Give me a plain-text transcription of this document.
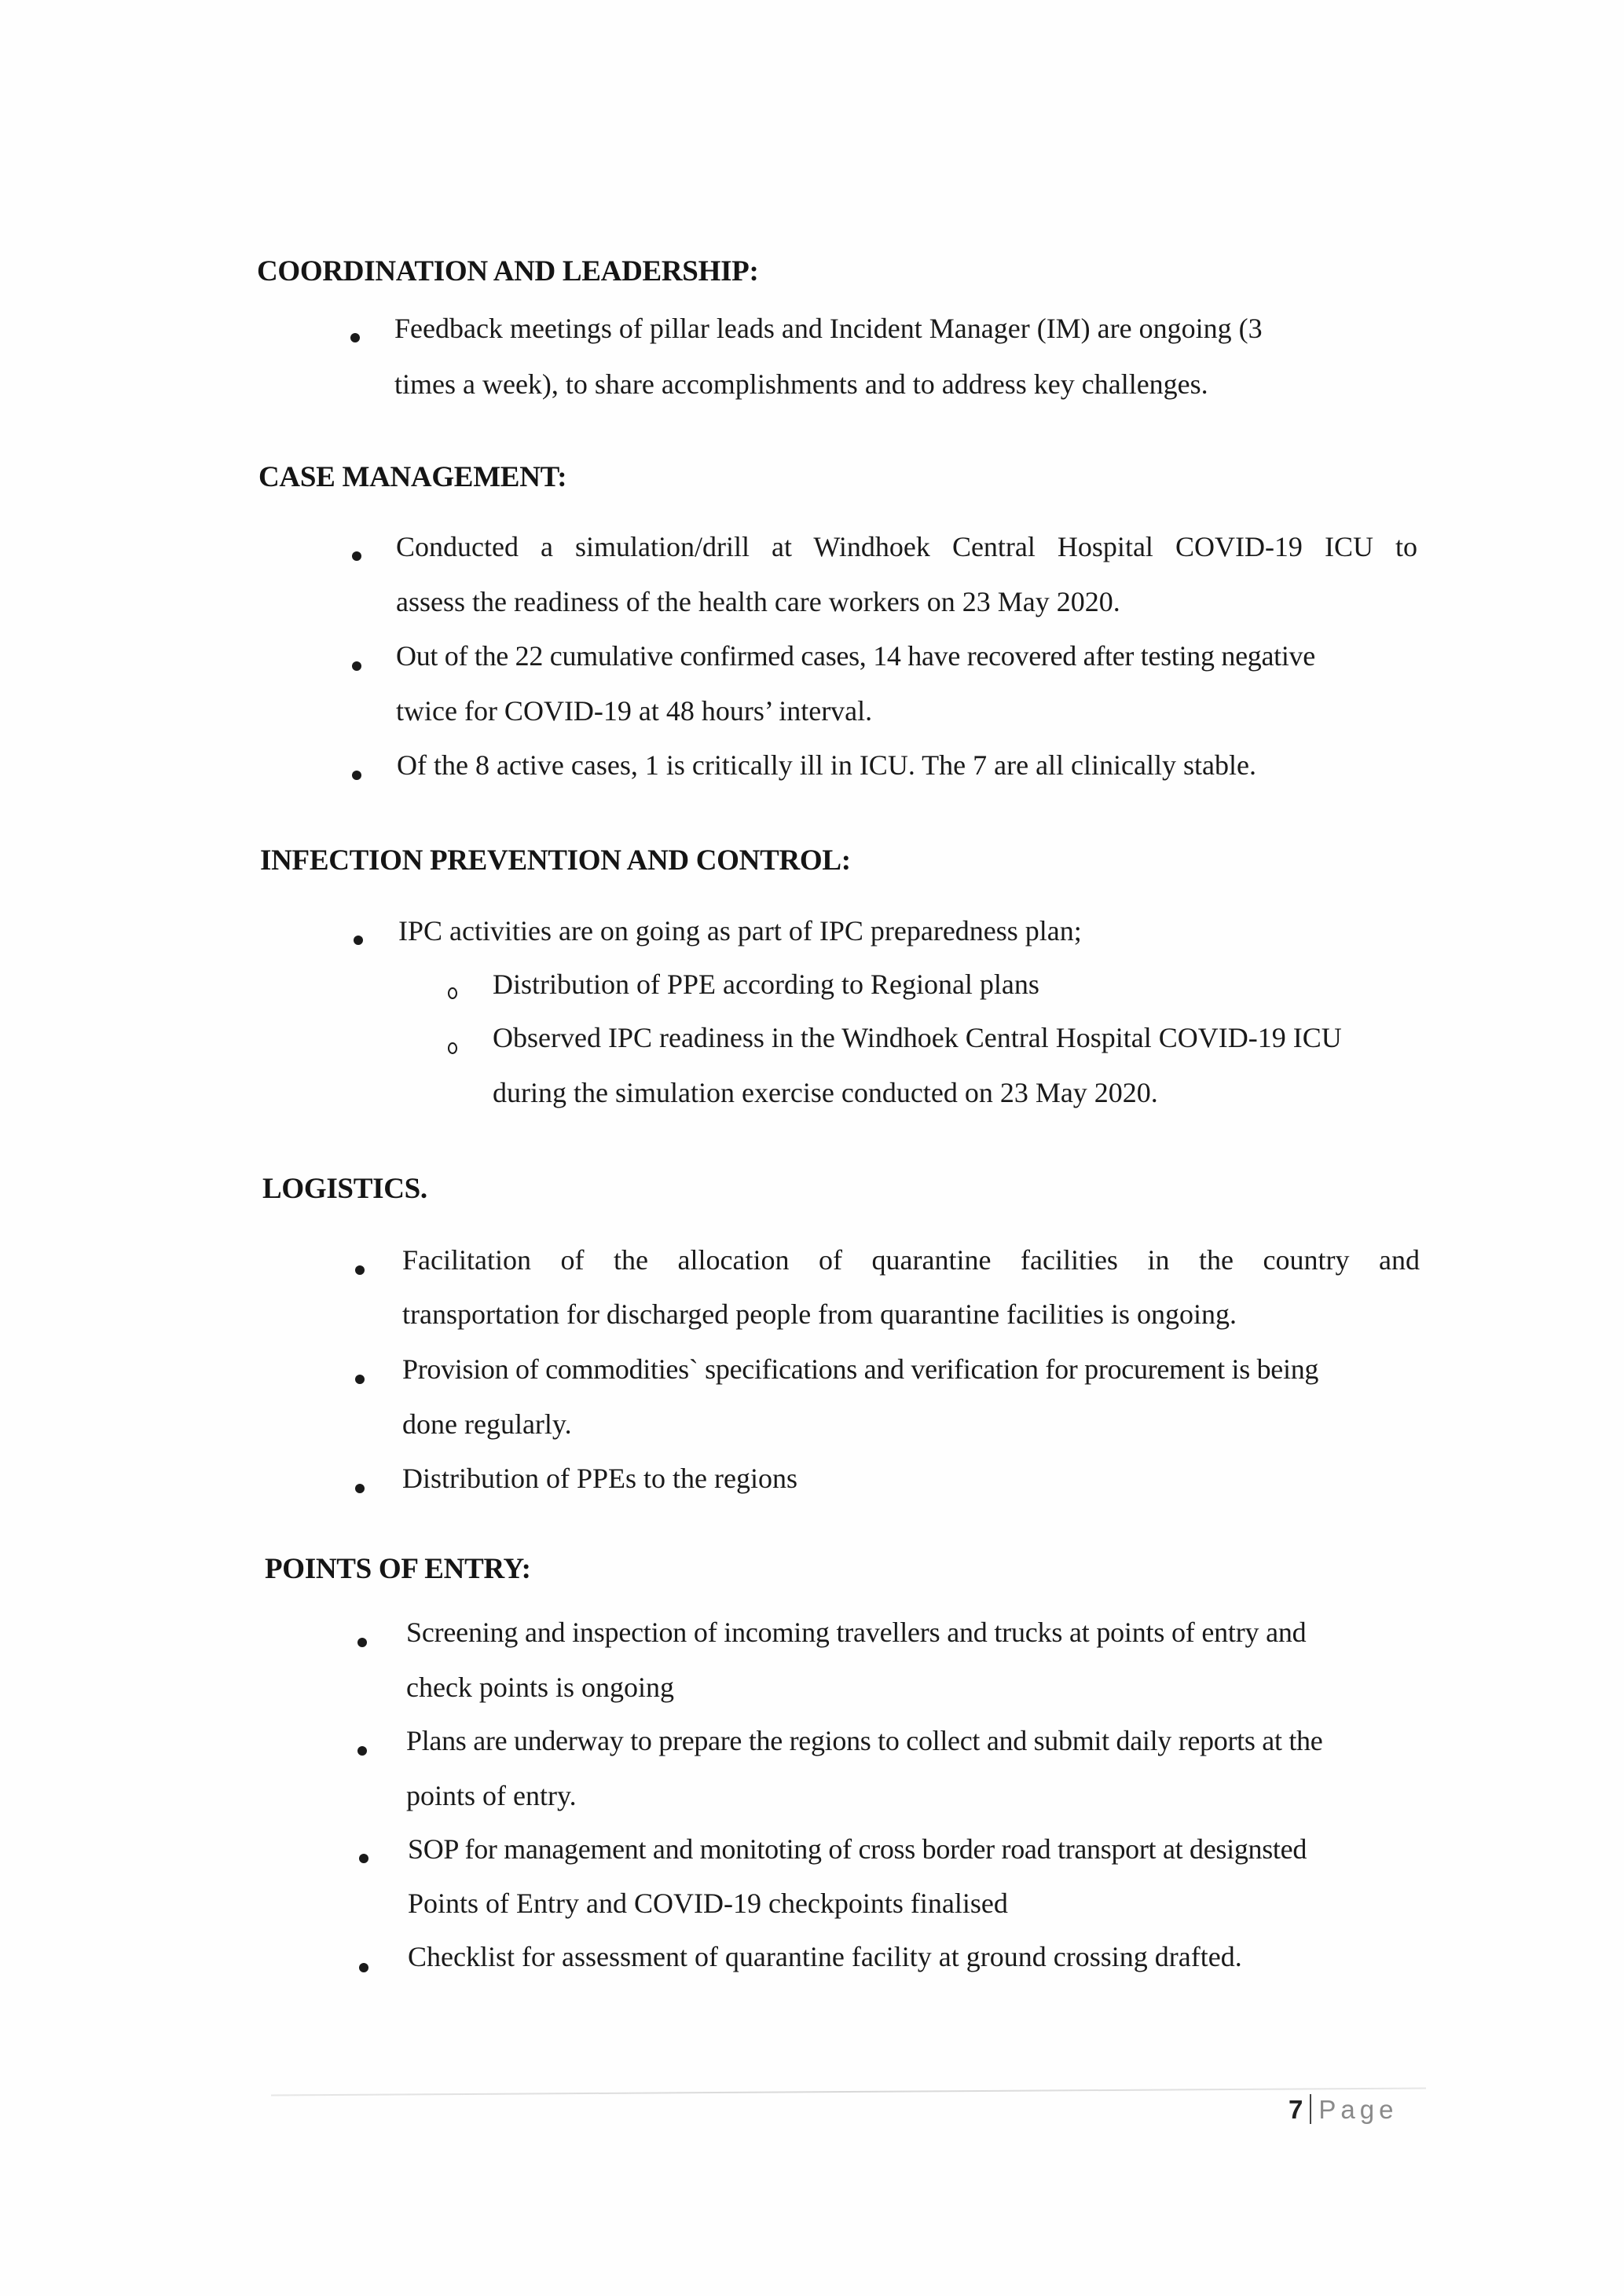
COORDINATION AND LEADERSHIP:
Feedback meetings of pillar leads and Incident Manager (IM) are ongoing (3
times a week), to share accomplishments and to address key challenges.
CASE MANAGEMENT:
Conducted a simulation/drill at Windhoek Central Hospital COVID-19 ICU to
assess the readiness of the health care workers on 23 May 2020.
Out of the 22 cumulative confirmed cases, 14 have recovered after testing negative
twice for COVID-19 at 48 hours’ interval.
Of the 8 active cases, 1 is critically ill in ICU. The 7 are all clinically stable.
INFECTION PREVENTION AND CONTROL:
IPC activities are on going as part of IPC preparedness plan;
Distribution of PPE according to Regional plans
Observed IPC readiness in the Windhoek Central Hospital COVID-19 ICU
during the simulation exercise conducted on 23 May 2020.
LOGISTICS.
Facilitation of the allocation of quarantine facilities in the country and
transportation for discharged people from quarantine facilities is ongoing.
Provision of commodities` specifications and verification for procurement is being
done regularly.
Distribution of PPEs to the regions
POINTS OF ENTRY:
Screening and inspection of incoming travellers and trucks at points of entry and
check points is ongoing
Plans are underway to prepare the regions to collect and submit daily reports at the
points of entry.
SOP for management and monitoting of cross border road transport at designsted
Points of Entry and COVID-19 checkpoints finalised
Checklist for assessment of quarantine facility at ground crossing drafted.
7 Page
